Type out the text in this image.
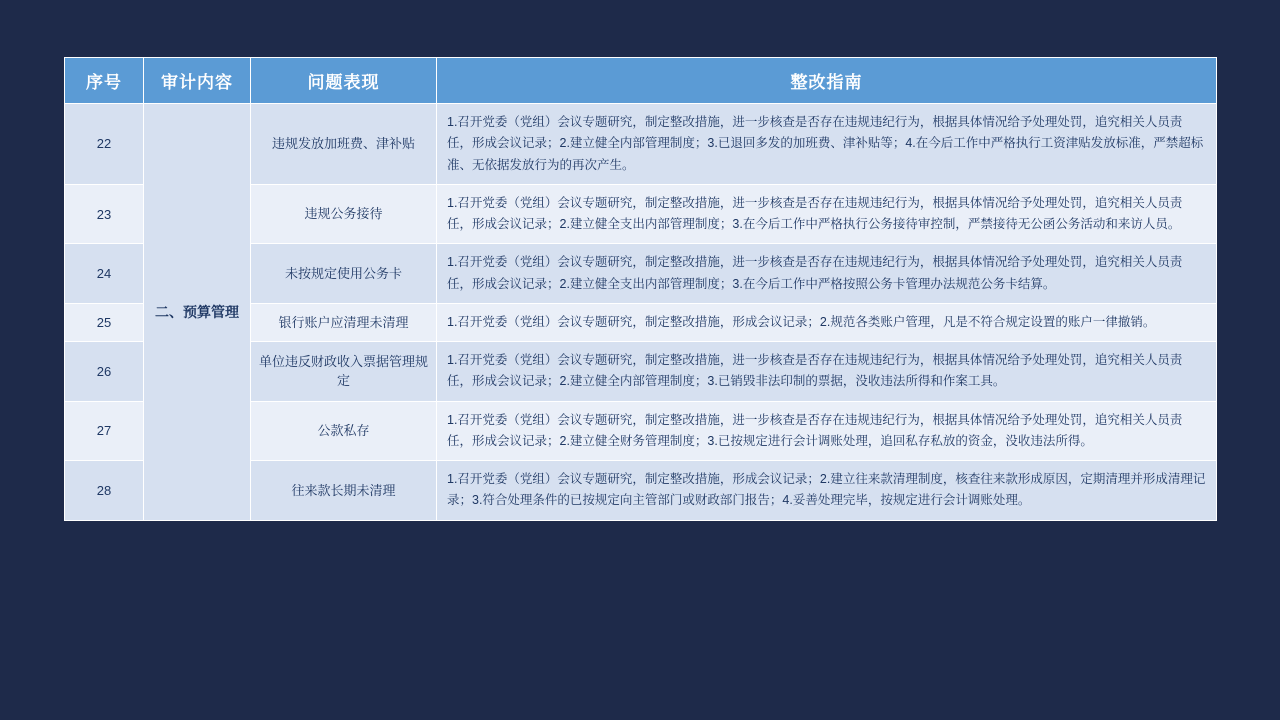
序号	审计内容	问题表现	整改指南
22	二、预算管理	违规发放加班费、津补贴	1.召开党委（党组）会议专题研究，制定整改措施，进一步核查是否存在违规违纪行为，根据具体情况给予处理处罚，追究相关人员责任，形成会议记录；2.建立健全内部管理制度；3.已退回多发的加班费、津补贴等；4.在今后工作中严格执行工资津贴发放标准，严禁超标准、无依据发放行为的再次产生。
23		违规公务接待	1.召开党委（党组）会议专题研究，制定整改措施，进一步核查是否存在违规违纪行为，根据具体情况给予处理处罚，追究相关人员责任，形成会议记录；2.建立健全支出内部管理制度；3.在今后工作中严格执行公务接待审控制，严禁接待无公函公务活动和来访人员。
24		未按规定使用公务卡	1.召开党委（党组）会议专题研究，制定整改措施，进一步核查是否存在违规违纪行为，根据具体情况给予处理处罚，追究相关人员责任，形成会议记录；2.建立健全支出内部管理制度；3.在今后工作中严格按照公务卡管理办法规范公务卡结算。
25		银行账户应清理未清理	1.召开党委（党组）会议专题研究，制定整改措施，形成会议记录；2.规范各类账户管理，凡是不符合规定设置的账户一律撤销。
26		单位违反财政收入票据管理规定	1.召开党委（党组）会议专题研究，制定整改措施，进一步核查是否存在违规违纪行为，根据具体情况给予处理处罚，追究相关人员责任，形成会议记录；2.建立健全内部管理制度；3.已销毁非法印制的票据，没收违法所得和作案工具。
27		公款私存	1.召开党委（党组）会议专题研究，制定整改措施，进一步核查是否存在违规违纪行为，根据具体情况给予处理处罚，追究相关人员责任，形成会议记录；2.建立健全财务管理制度；3.已按规定进行会计调账处理，追回私存私放的资金，没收违法所得。
28		往来款长期未清理	1.召开党委（党组）会议专题研究，制定整改措施，形成会议记录；2.建立往来款清理制度，核查往来款形成原因，定期清理并形成清理记录；3.符合处理条件的已按规定向主管部门或财政部门报告；4.妥善处理完毕，按规定进行会计调账处理。
